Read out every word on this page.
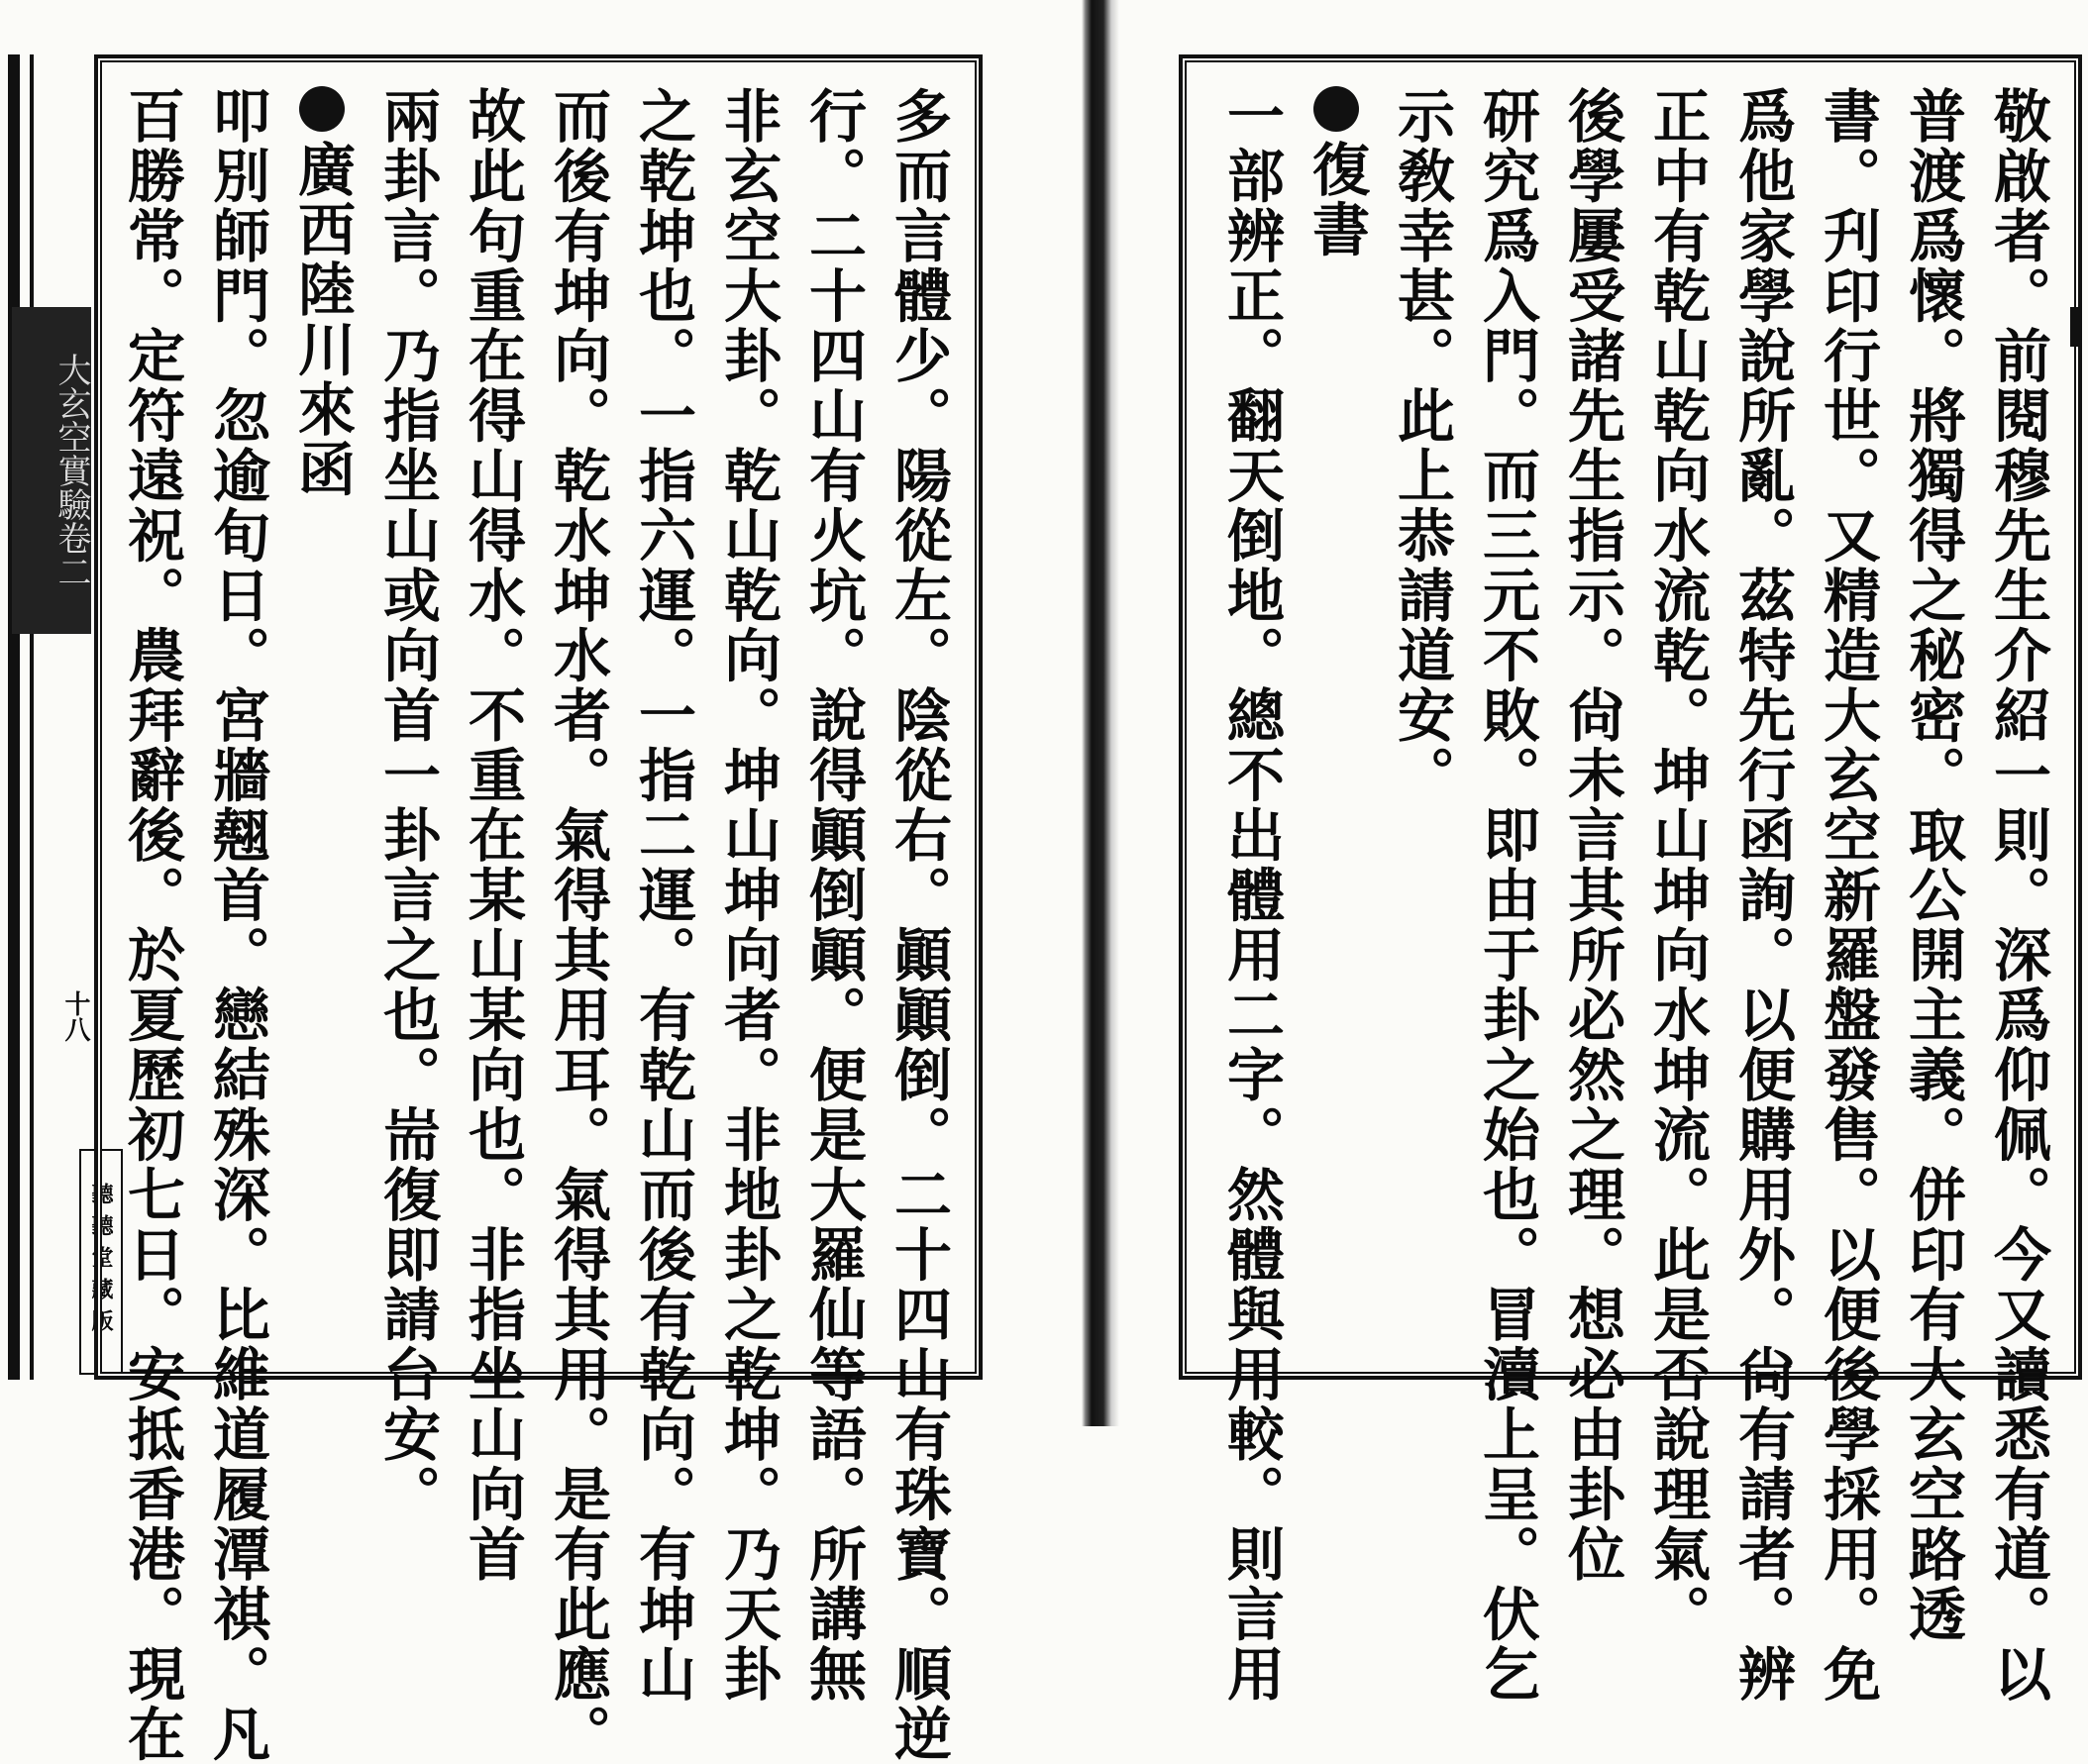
大玄空實驗卷二
十八
聽聽堂藏版	多而言體少。陽從左。陰從右。顚顚倒。二十四山有珠寶。順逆
行。二十四山有火坑。說得顚倒顚。便是大羅仙等語。所講無
非玄空大卦。乾山乾向。坤山坤向者。非地卦之乾坤。乃天卦
之乾坤也。一指六運。一指二運。有乾山而後有乾向。有坤山
而後有坤向。乾水坤水者。氣得其用耳。氣得其用。是有此應。
故此句重在得山得水。不重在某山某向也。非指坐山向首
兩卦言。乃指坐山或向首一卦言之也。耑復即請台安。
廣西陸川來函
叩別師門。忽逾旬日。宮牆翹首。戀結殊深。比維道履潭祺。凡
百勝常。定符遠祝。農拜辭後。於夏歷初七日。安抵香港。現在	敬啟者。前閱穆先生介紹一則。深爲仰佩。今又讀悉有道。以
普渡爲懷。將獨得之秘密。取公開主義。併印有大玄空路透
書。刋印行世。又精造大玄空新羅盤發售。以便後學採用。免
爲他家學說所亂。茲特先行函詢。以便購用外。尙有請者。辨
正中有乾山乾向水流乾。坤山坤向水坤流。此是否說理氣。
後學屢受諸先生指示。尙未言其所必然之理。想必由卦位
研究爲入門。而三元不敗。即由于卦之始也。冒瀆上呈。伏乞
示敎幸甚。此上恭請道安。
復書
一部辨正。翻天倒地。總不出體用二字。然體與用較。則言用
